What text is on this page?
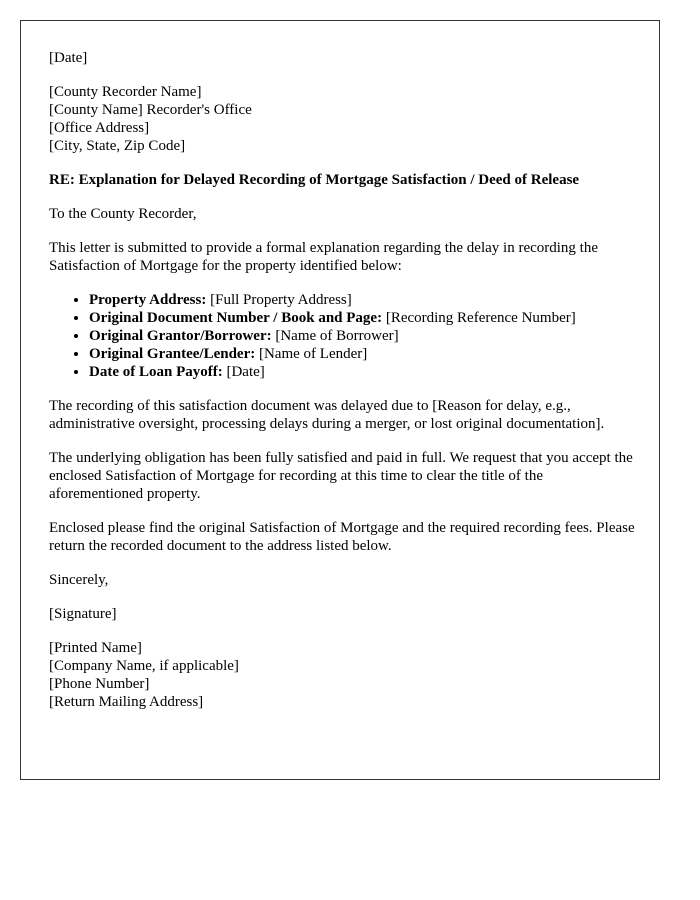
[Date]

[County Recorder Name]
[County Name] Recorder's Office
[Office Address]
[City, State, Zip Code]

RE: Explanation for Delayed Recording of Mortgage Satisfaction / Deed of Release

To the County Recorder,

This letter is submitted to provide a formal explanation regarding the delay in recording the Satisfaction of Mortgage for the property identified below:

• Property Address: [Full Property Address]
• Original Document Number / Book and Page: [Recording Reference Number]
• Original Grantor/Borrower: [Name of Borrower]
• Original Grantee/Lender: [Name of Lender]
• Date of Loan Payoff: [Date]

The recording of this satisfaction document was delayed due to [Reason for delay, e.g., administrative oversight, processing delays during a merger, or lost original documentation].

The underlying obligation has been fully satisfied and paid in full. We request that you accept the enclosed Satisfaction of Mortgage for recording at this time to clear the title of the aforementioned property.

Enclosed please find the original Satisfaction of Mortgage and the required recording fees. Please return the recorded document to the address listed below.

Sincerely,

[Signature]

[Printed Name]
[Company Name, if applicable]
[Phone Number]
[Return Mailing Address]
